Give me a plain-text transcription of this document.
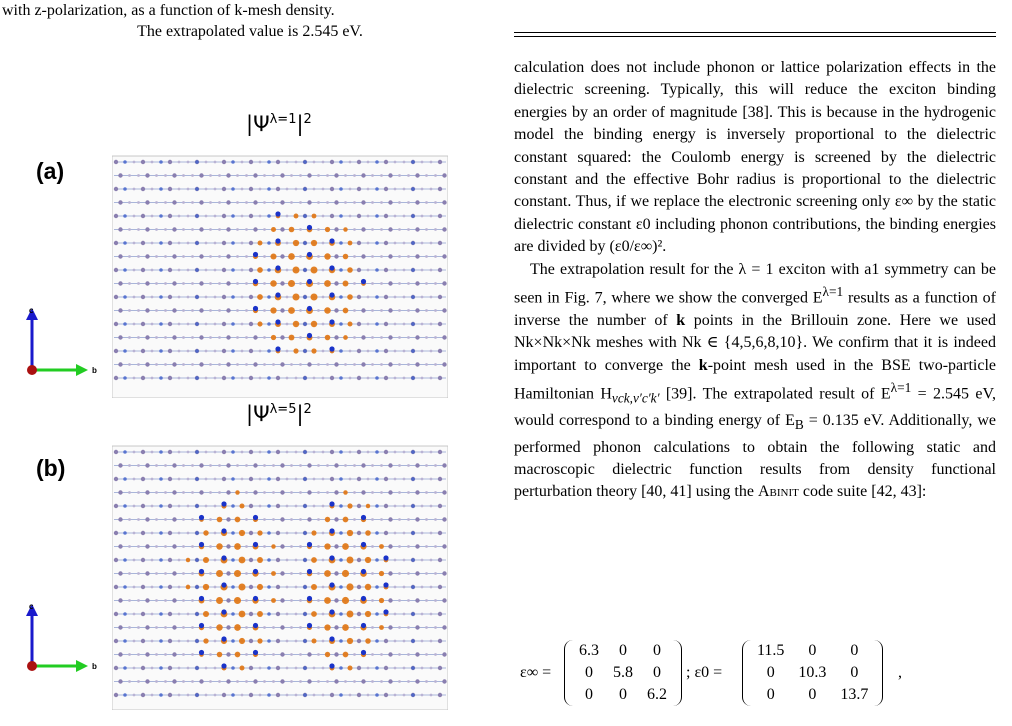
with z-polarization, as a function of k-mesh density.
The extrapolated value is 2.545 eV.
$|\Psi^{\lambda=1}|^2$
(a)
c
b
$|\Psi^{\lambda=5}|^2$
(b)
c
b

calculation does not include phonon or lattice polarization effects in the dielectric screening. Typically, this will reduce the exciton binding energies by an order of magnitude [38]. This is because in the hydrogenic model the binding energy is inversely proportional to the dielectric constant squared: the Coulomb energy is screened by the dielectric constant and the effective Bohr radius is proportional to the dielectric constant. Thus, if we replace the electronic screening only ε∞ by the static dielectric constant ε0 including phonon contributions, the binding energies are divided by (ε0/ε∞)².

The extrapolation result for the λ = 1 exciton with a1 symmetry can be seen in Fig. 7, where we show the converged $E^{\lambda=1}$ results as a function of inverse the number of k points in the Brillouin zone. Here we used Nk×Nk×Nk meshes with Nk ∈ {4,5,6,8,10}. We confirm that it is indeed important to converge the k-point mesh used in the BSE two-particle Hamiltonian $H_{vck,v'c'k'}$ [39]. The extrapolated result of $E^{\lambda=1} = 2.545$ eV, would correspond to a binding energy of $E_B = 0.135$ eV. Additionally, we performed phonon calculations to obtain the following static and macroscopic dielectric function results from density functional perturbation theory [40, 41] using the Abinit code suite [42, 43]:

ε∞ =
6.3	0	0
0	5.8	0
0	0	6.2
; ε0 =
11.5	0	0
0	10.3	0
0	0	13.7
,
